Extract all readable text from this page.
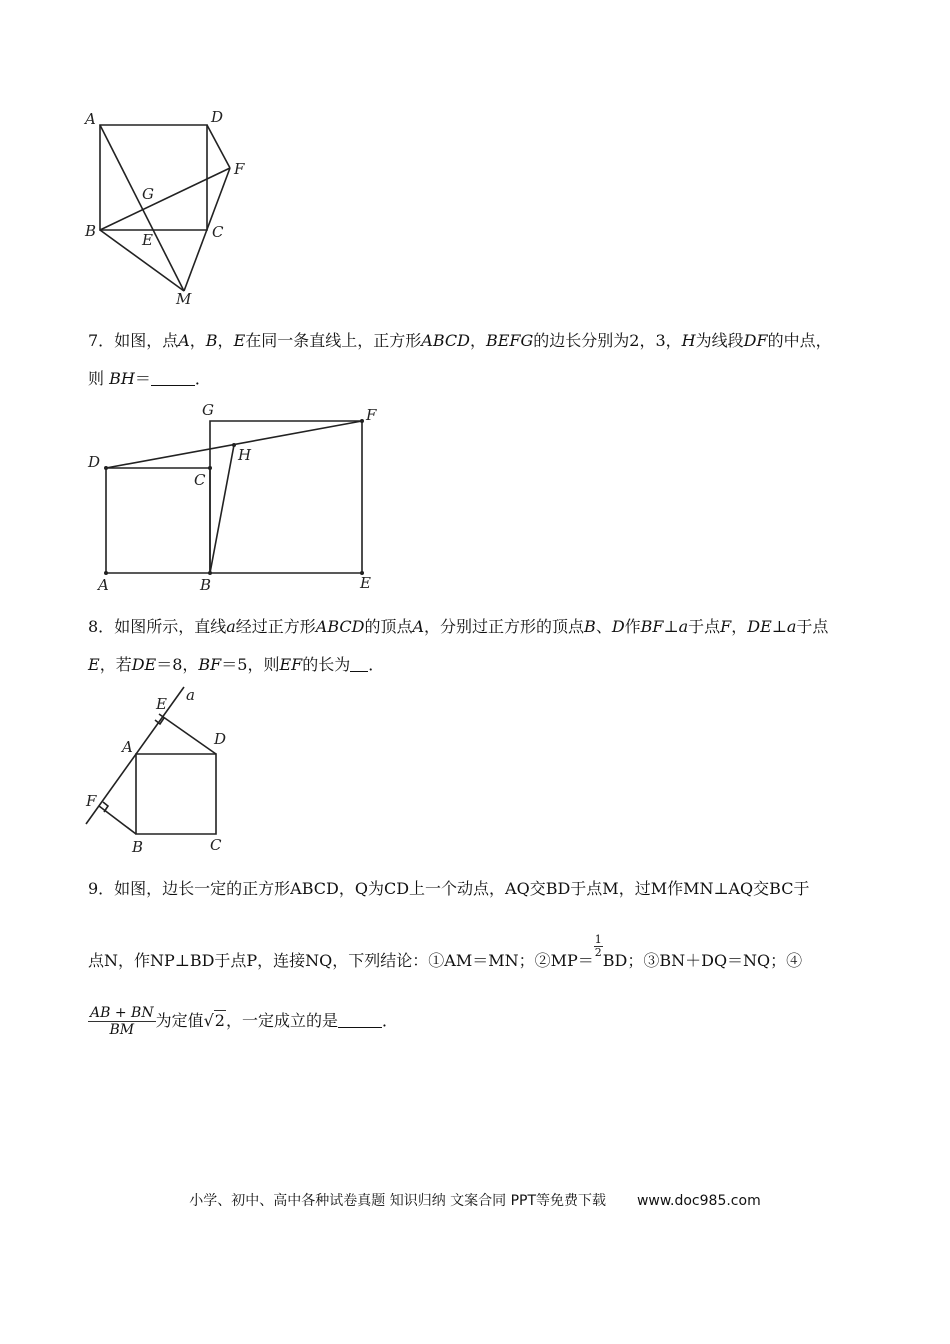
A	D
F
G
B	E	C
M
7．如图，点A，B，E在同一条直线上，正方形ABCD，BEFG的边长分别为2，3，H为线段DF的中点，
则 BH＝	．
G	F
D	H
C
A	B	E
8．如图所示，直线a经过正方形ABCD的顶点A，分别过正方形的顶点B、D作BF⊥a于点F，DE⊥a于点
E，若DE＝8，BF＝5，则EF的长为 ．
E a
A	D
F
B	C
9．如图，边长一定的正方形ABCD，Q为CD上一个动点，AQ交BD于点M，过M作MN⊥AQ交BC于
点N，作NP⊥BD于点P，连接NQ，下列结论：①AM＝MN；②MP＝
$\frac{1}{2}$
BD；③BN＋DQ＝NQ；④
$\frac{AB + BN}{BM}$ 为定值√2，一定成立的是	．
小学、初中、高中各种试卷真题 知识归纳 文案合同 PPT等免费下载 www.doc985.com
